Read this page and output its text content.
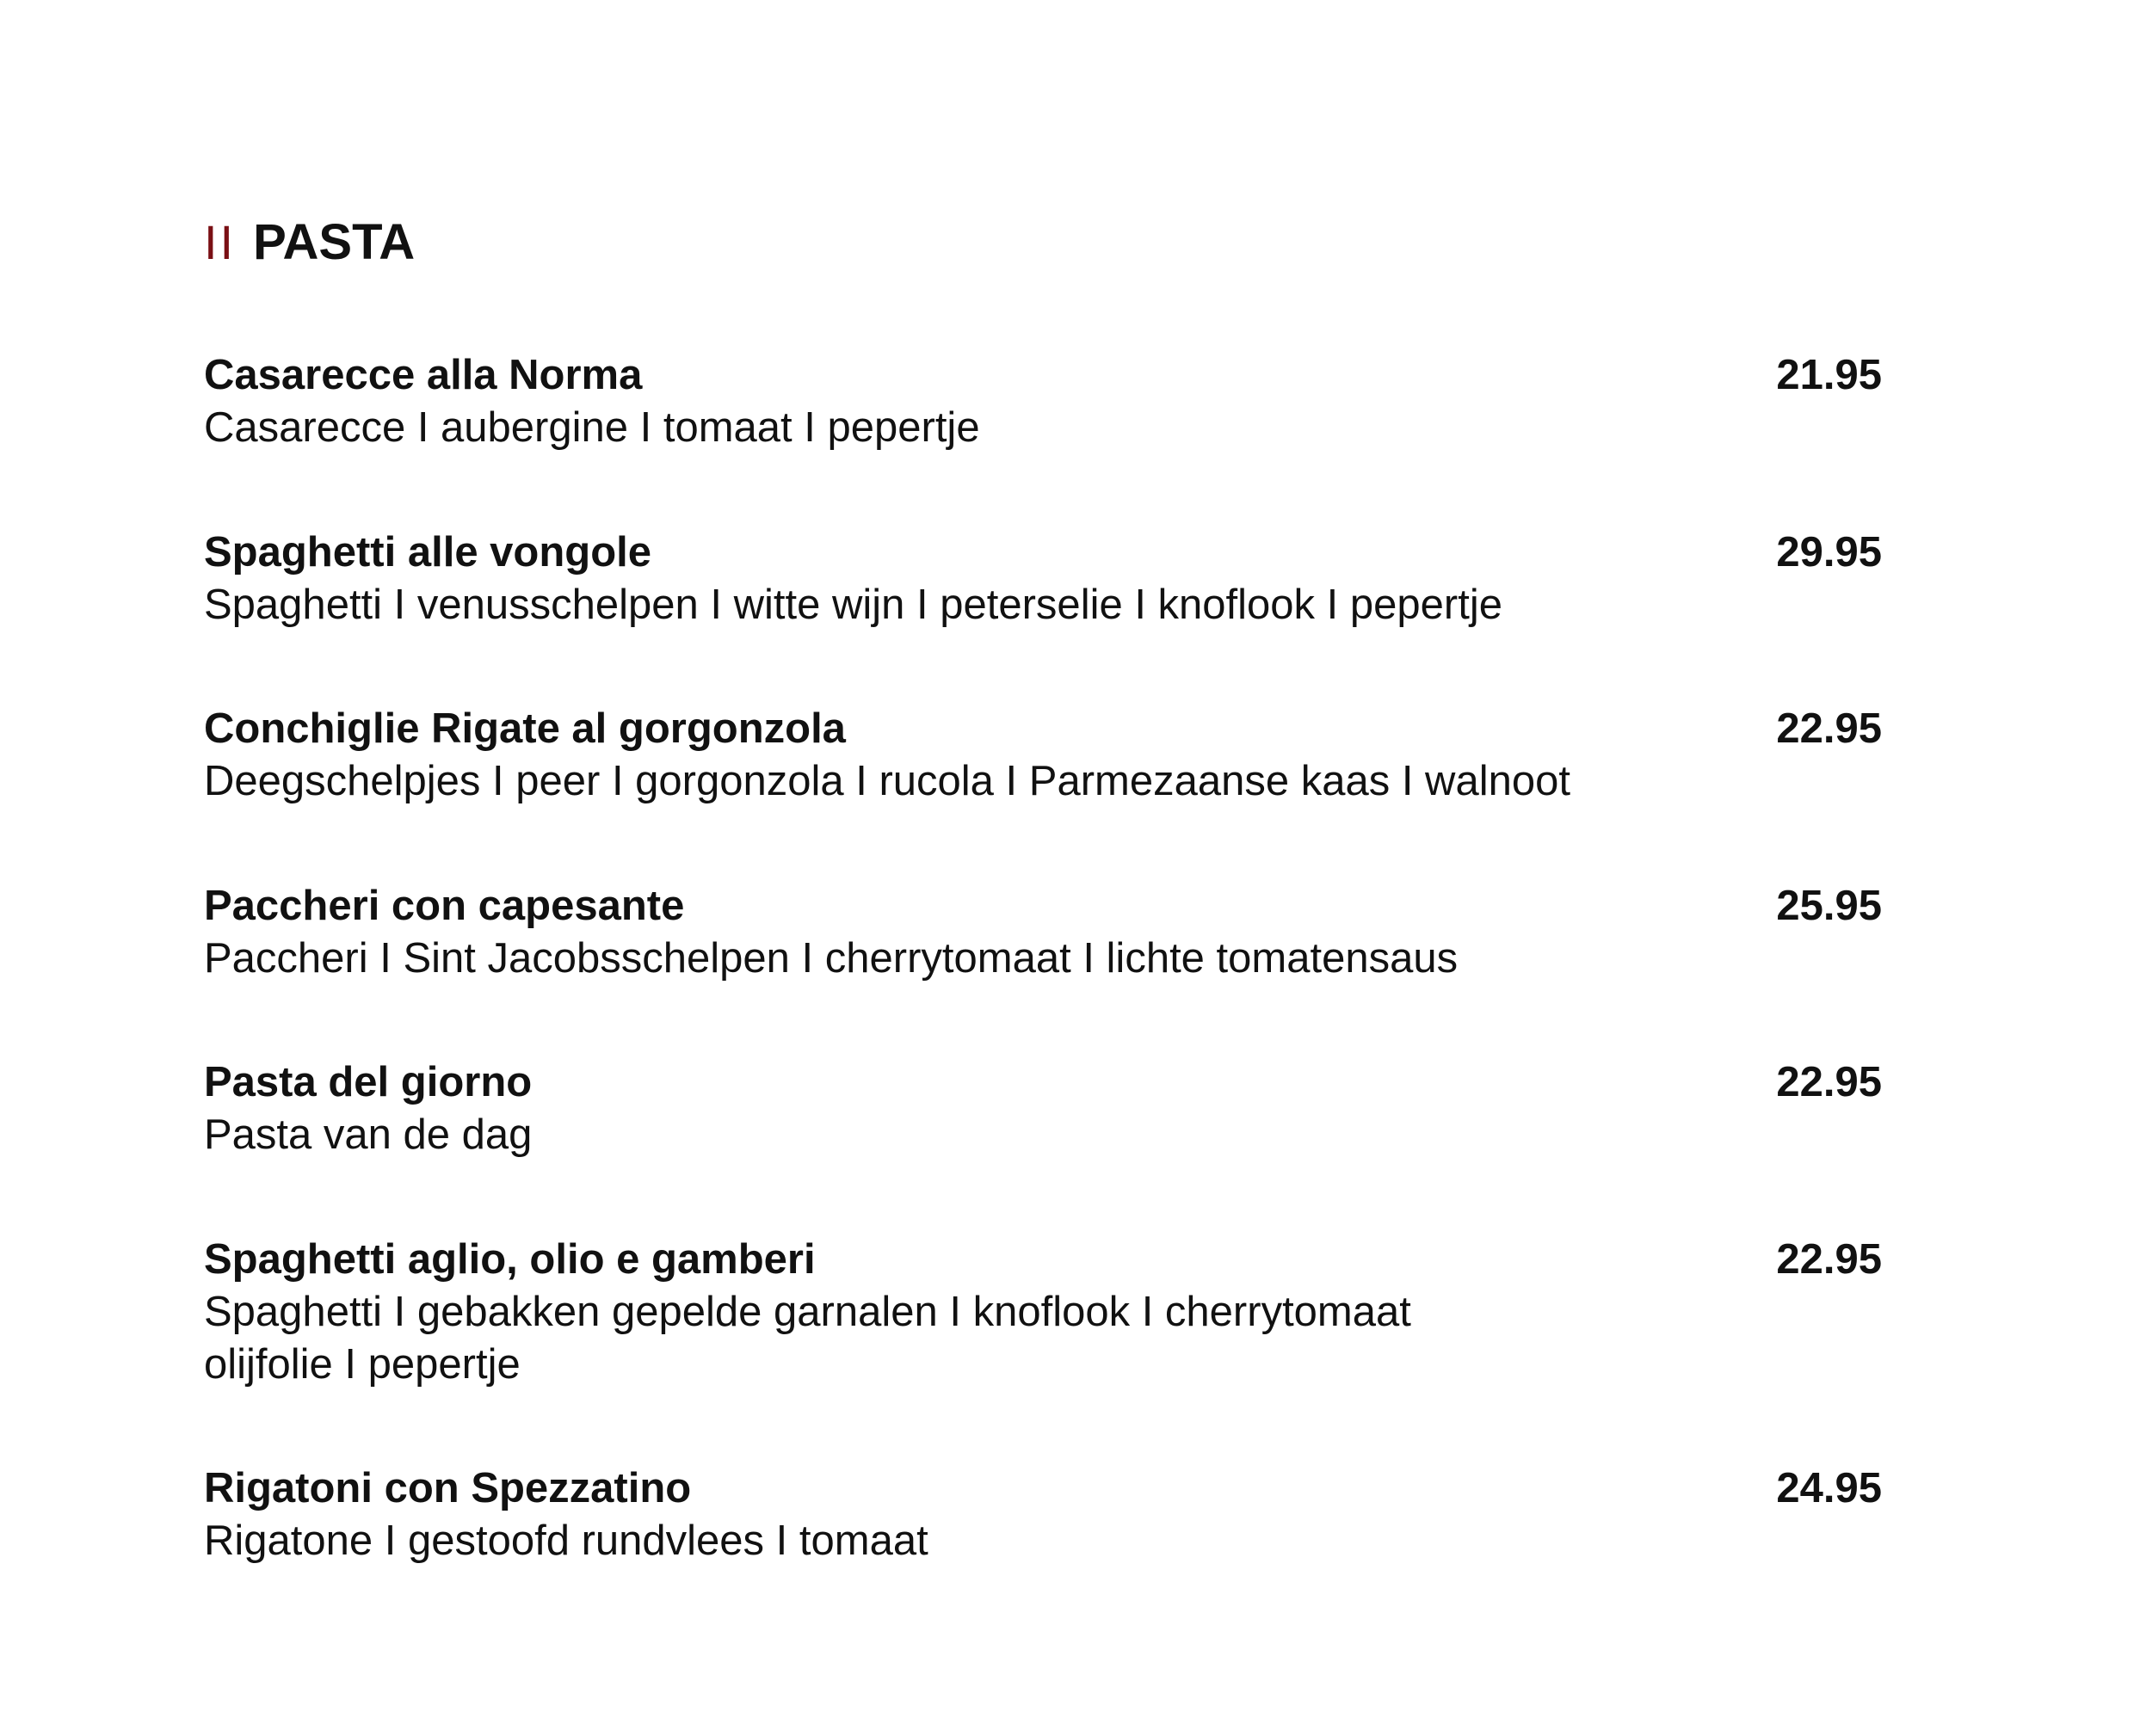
II PASTA
Casarecce alla Norma	21.95
Casarecce I aubergine I tomaat I pepertje
Spaghetti alle vongole	29.95
Spaghetti I venusschelpen I witte wijn I peterselie I knoflook I pepertje
Conchiglie Rigate al gorgonzola	22.95
Deegschelpjes I peer I gorgonzola I rucola I Parmezaanse kaas I walnoot
Paccheri con capesante	25.95
Paccheri I Sint Jacobsschelpen I cherrytomaat I lichte tomatensaus
Pasta del giorno	22.95
Pasta van de dag
Spaghetti aglio, olio e gamberi	22.95
Spaghetti I gebakken gepelde garnalen I knoflook I cherrytomaat
olijfolie I pepertje
Rigatoni con Spezzatino	24.95
Rigatone I gestoofd rundvlees I tomaat
